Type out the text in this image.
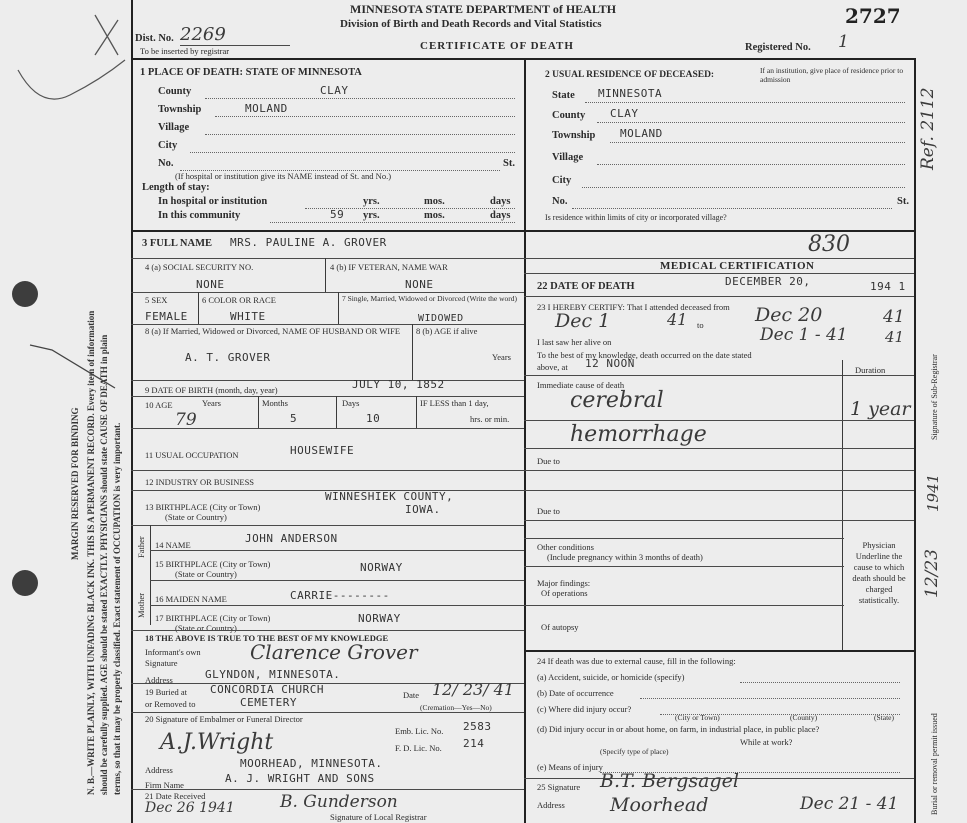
N. B.—WRITE PLAINLY, WITH UNFADING BLACK INK. THIS IS A PERMANENT RECORD. Every item of information should be carefully supplied. AGE should be stated EXACTLY. PHYSICIANS should state CAUSE OF DEATH in plain terms, so that it may be properly classified. Exact statement of OCCUPATION is very important.
MARGIN RESERVED FOR BINDING
MINNESOTA STATE DEPARTMENT of HEALTH
Division of Birth and Death Records and Vital Statistics
CERTIFICATE OF DEATH
2727
Dist. No. 2269
To be inserted by registrar	Registered No. 1
1 PLACE OF DEATH: STATE OF MINNESOTA
County	CLAY
Township	MOLAND
Village
City
No.	St.
(If hospital or institution give its NAME instead of St. and No.)
Length of stay:
In hospital or institution	yrs.	mos.	days
In this community	59 yrs.	mos.	days
2 USUAL RESIDENCE OF DECEASED:	If an institution, give place of residence prior to admission
State MINNESOTA
County CLAY
Township MOLAND
Village
City
No.	St.
Is residence within limits of city or incorporated village?
3 FULL NAME MRS. PAULINE A. GROVER	830
4 (a) SOCIAL SECURITY NO.
NONE
4 (b) IF VETERAN, NAME WAR
NONE
5 SEX
FEMALE
6 COLOR OR RACE
WHITE
7 Single, Married, Widowed or Divorced (Write the word)
WIDOWED
8 (a) If Married, Widowed or Divorced, NAME OF HUSBAND OR WIFE	8 (b) AGE if alive
Years
A. T. GROVER
9 DATE OF BIRTH (month, day, year)	JULY 10, 1852
10 AGE	Years
79
Months
5
Days
10
IF LESS than 1 day,
hrs. or min.
11 USUAL OCCUPATION	HOUSEWIFE
12 INDUSTRY OR BUSINESS
13 BIRTHPLACE (City or Town)
(State or Country)
WINNESHIEK COUNTY,
IOWA.
Father
Mother
14 NAME	JOHN ANDERSON
15 BIRTHPLACE (City or Town)
(State or Country)	NORWAY
16 MAIDEN NAME	CARRIE--------
17 BIRTHPLACE (City or Town)
(State or Country)
NORWAY
18 THE ABOVE IS TRUE TO THE BEST OF MY KNOWLEDGE
Informant's own
Signature	Clarence Grover
Address	GLYNDON, MINNESOTA.
19 Buried at CONCORDIA CHURCH
or Removed to	CEMETERY
Date 12/ 23/ 41
(Cremation—Yes—No)
20 Signature of Embalmer or Funeral Director
A.J.Wright	Emb. Lic. No. 2583
F. D. Lic. No. 214
Address	MOORHEAD, MINNESOTA.
Firm Name	A. J. WRIGHT AND SONS
21 Date Received
Dec 26 1941	B. Gunderson
Signature of Local Registrar
MEDICAL CERTIFICATION
22 DATE OF DEATH	DECEMBER 20,	194 1
23 I HEREBY CERTIFY: That I attended deceased from
Dec 1	41 to	Dec 20	41
I last saw her alive on	Dec 1 - 41 41
To the best of my knowledge, death occurred on the date stated
above, at 12 NOON	Duration
Immediate cause of death
cerebral
hemorrhage
1 year
Due to
Due to
Other conditions
(Include pregnancy within 3 months of death)
Major findings:
Of operations
Of autopsy
Physician Underline the cause to which death should be charged statistically.
24 If death was due to external cause, fill in the following:
(a) Accident, suicide, or homicide (specify)
(b) Date of occurrence
(c) Where did injury occur?
(City or Town)	(County)	(State)
(d) Did injury occur in or about home, on farm, in industrial place, in public place?
(Specify type of place)
While at work?
(e) Means of injury
25 Signature B.T. Bergsagel
Address Moorhead	Dec 21 - 41
Signature of Sub-Registrar
Burial or removal permit issued
12/23
1941
Ref. 2112
